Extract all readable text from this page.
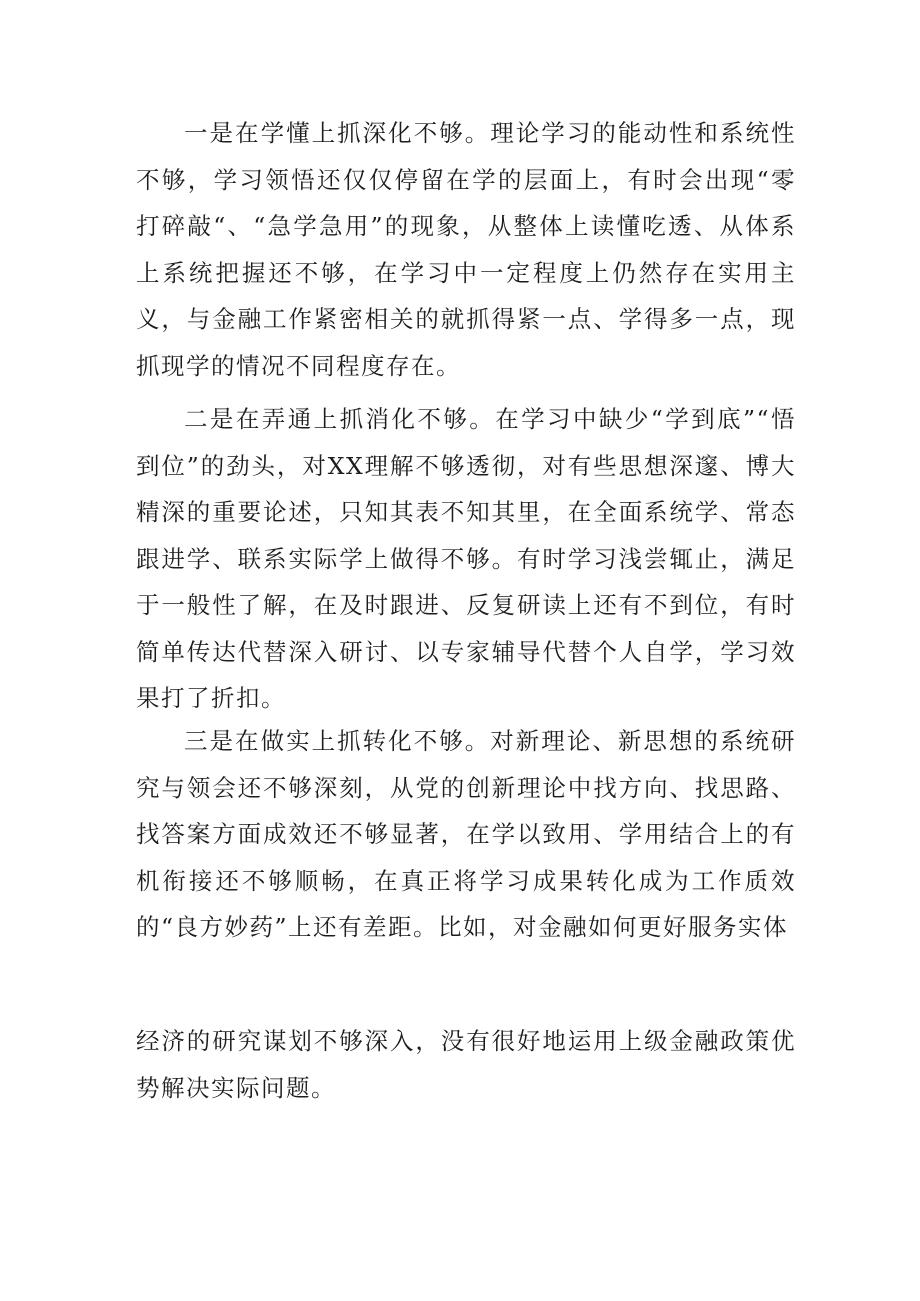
一是在学懂上抓深化不够。理论学习的能动性和系统性不够，学习领悟还仅仅停留在学的层面上，有时会出现“零打碎敲“、“急学急用”的现象，从整体上读懂吃透、从体系上系统把握还不够，在学习中一定程度上仍然存在实用主义，与金融工作紧密相关的就抓得紧一点、学得多一点，现抓现学的情况不同程度存在。

二是在弄通上抓消化不够。在学习中缺少“学到底”“悟到位”的劲头，对XX理解不够透彻，对有些思想深邃、博大精深的重要论述，只知其表不知其里，在全面系统学、常态跟进学、联系实际学上做得不够。有时学习浅尝辄止，满足于一般性了解，在及时跟进、反复研读上还有不到位，有时简单传达代替深入研讨、以专家辅导代替个人自学，学习效果打了折扣。

三是在做实上抓转化不够。对新理论、新思想的系统研究与领会还不够深刻，从党的创新理论中找方向、找思路、找答案方面成效还不够显著，在学以致用、学用结合上的有机衔接还不够顺畅，在真正将学习成果转化成为工作质效的“良方妙药”上还有差距。比如，对金融如何更好服务实体

经济的研究谋划不够深入，没有很好地运用上级金融政策优势解决实际问题。
